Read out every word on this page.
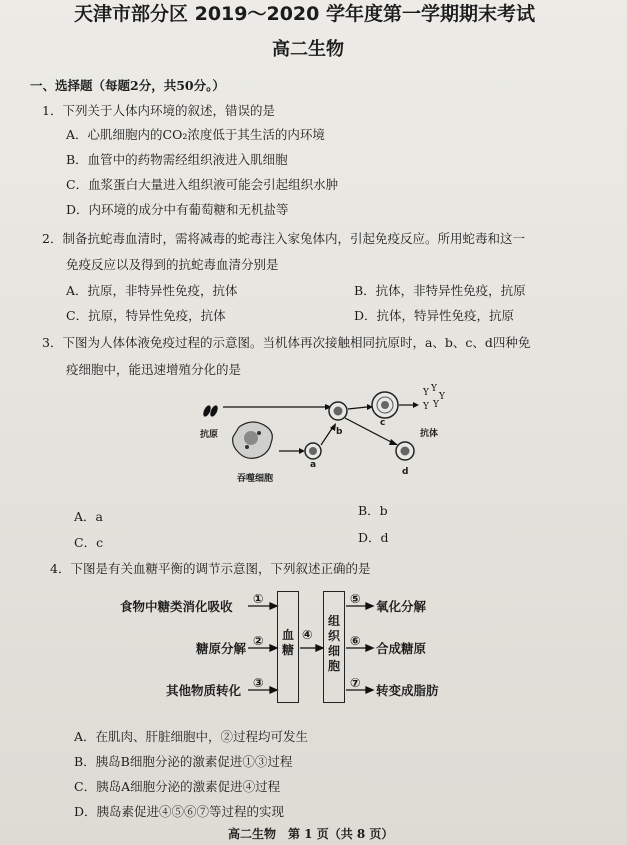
天津市部分区 2019～2020 学年度第一学期期末考试
高二生物
一、选择题（每题2分，共50分。）
1．下列关于人体内环境的叙述，错误的是
A．心肌细胞内的CO₂浓度低于其生活的内环境
B．血管中的药物需经组织液进入肌细胞
C．血浆蛋白大量进入组织液可能会引起组织水肿
D．内环境的成分中有葡萄糖和无机盐等
2．制备抗蛇毒血清时，需将减毒的蛇毒注入家兔体内，引起免疫反应。所用蛇毒和这一
免疫反应以及得到的抗蛇毒血清分别是
A．抗原，非特异性免疫，抗体	B．抗体，非特异性免疫，抗原
C．抗原，特异性免疫，抗体	D．抗体，特异性免疫，抗原
3．下图为人体体液免疫过程的示意图。当机体再次接触相同抗原时，a、b、c、d四种免
疫细胞中，能迅速增殖分化的是
Y Y
Y Y
Y
抗原
吞噬细胞
抗体
a
b
c
d
A．a	B．b
C．c	D．d
4．下图是有关血糖平衡的调节示意图，下列叙述正确的是
食物中糖类消化吸收
糖原分解
其他物质转化
①
②
③
④
⑤
⑥
⑦
血糖
组织细胞
氧化分解
合成糖原
转变成脂肪
A．在肌肉、肝脏细胞中，②过程均可发生
B．胰岛B细胞分泌的激素促进①③过程
C．胰岛A细胞分泌的激素促进④过程
D．胰岛素促进④⑤⑥⑦等过程的实现
高二生物　第 1 页（共 8 页）
